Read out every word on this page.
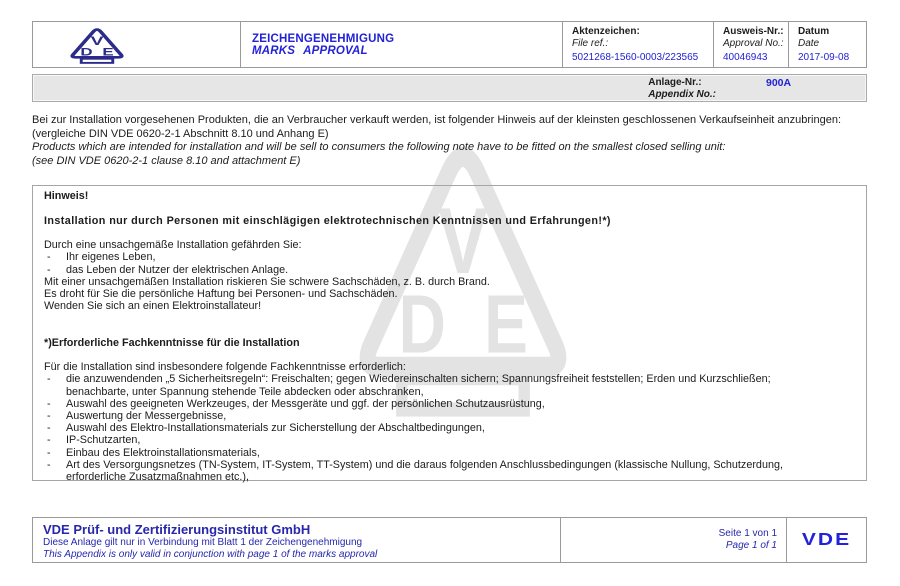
ZEICHENGENEHMIGUNG
MARKS APPROVAL
Aktenzeichen:
File ref.:
5021268-1560-0003/223565
Ausweis-Nr.:
Approval No.:
40046943
Datum
Date
2017-09-08
Anlage-Nr.:
Appendix No.:
900A
Bei zur Installation vorgesehenen Produkten, die an Verbraucher verkauft werden, ist folgender Hinweis auf der kleinsten geschlossenen Verkaufseinheit anzubringen:
(vergleiche DIN VDE 0620-2-1 Abschnitt 8.10 und Anhang E)
Products which are intended for installation and will be sell to consumers the following note have to be fitted on the smallest closed selling unit:
(see DIN VDE 0620-2-1 clause 8.10 and attachment E)
Hinweis!
Installation nur durch Personen mit einschlägigen elektrotechnischen Kenntnissen und Erfahrungen!*)
Durch eine unsachgemäße Installation gefährden Sie:
- Ihr eigenes Leben,
- das Leben der Nutzer der elektrischen Anlage.
Mit einer unsachgemäßen Installation riskieren Sie schwere Sachschäden, z. B. durch Brand.
Es droht für Sie die persönliche Haftung bei Personen- und Sachschäden.
Wenden Sie sich an einen Elektroinstallateur!
*)Erforderliche Fachkenntnisse für die Installation
Für die Installation sind insbesondere folgende Fachkenntnisse erforderlich:
- die anzuwendenden „5 Sicherheitsregeln“: Freischalten; gegen Wiedereinschalten sichern; Spannungsfreiheit feststellen; Erden und Kurzschließen; benachbarte, unter Spannung stehende Teile abdecken oder abschranken,
- Auswahl des geeigneten Werkzeuges, der Messgeräte und ggf. der persönlichen Schutzausrüstung,
- Auswertung der Messergebnisse,
- Auswahl des Elektro-Installationsmaterials zur Sicherstellung der Abschaltbedingungen,
- IP-Schutzarten,
- Einbau des Elektroinstallationsmaterials,
- Art des Versorgungsnetzes (TN-System, IT-System, TT-System) und die daraus folgenden Anschlussbedingungen (klassische Nullung, Schutzerdung, erforderliche Zusatzmaßnahmen etc.),
VDE Prüf- und Zertifizierungsinstitut GmbH
Diese Anlage gilt nur in Verbindung mit Blatt 1 der Zeichengenehmigung
This Appendix is only valid in conjunction with page 1 of the marks approval
Seite 1 von 1
Page 1 of 1 VDE
